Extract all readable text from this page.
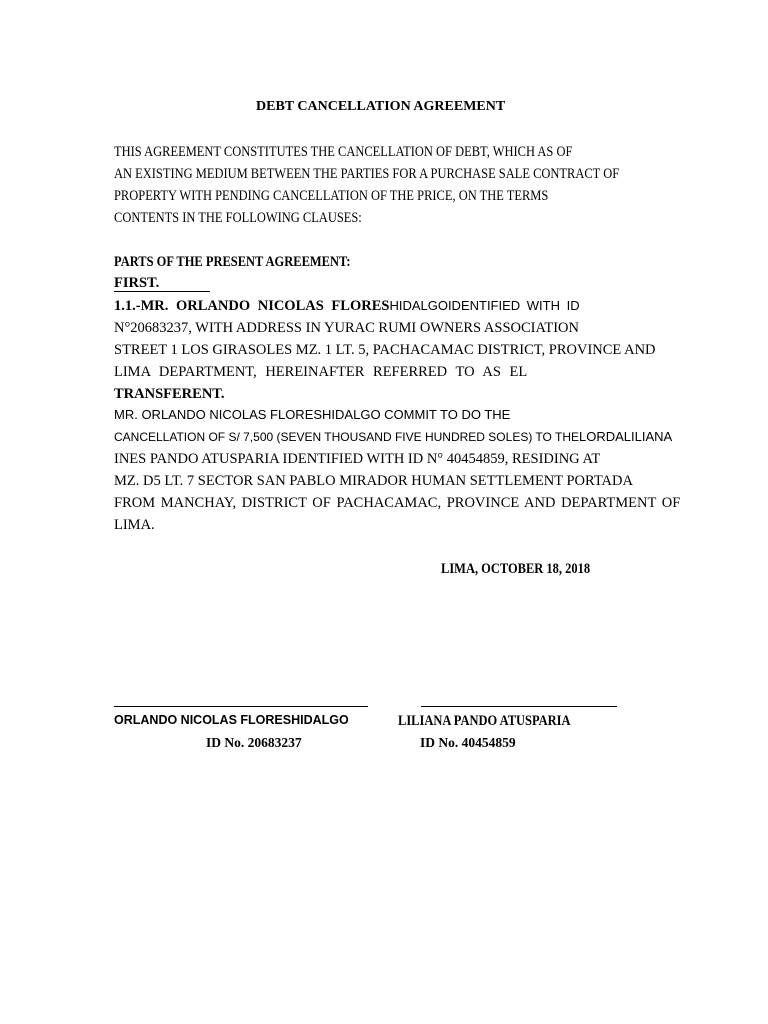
DEBT CANCELLATION AGREEMENT
THIS AGREEMENT CONSTITUTES THE CANCELLATION OF DEBT, WHICH AS OF
AN EXISTING MEDIUM BETWEEN THE PARTIES FOR A PURCHASE SALE CONTRACT OF
PROPERTY WITH PENDING CANCELLATION OF THE PRICE, ON THE TERMS
CONTENTS IN THE FOLLOWING CLAUSES:
PARTS OF THE PRESENT AGREEMENT:
FIRST.
1.1.-MR. ORLANDO NICOLAS FLORESHIDALGOIDENTIFIED WITH ID
N°20683237, WITH ADDRESS IN YURAC RUMI OWNERS ASSOCIATION
STREET 1 LOS GIRASOLES MZ. 1 LT. 5, PACHACAMAC DISTRICT, PROVINCE AND
LIMA DEPARTMENT, HEREINAFTER REFERRED TO AS EL
TRANSFERENT.
MR. ORLANDO NICOLAS FLORESHIDALGO COMMIT TO DO THE
CANCELLATION OF S/ 7,500 (SEVEN THOUSAND FIVE HUNDRED SOLES) TO THELORDALILIANA
INES PANDO ATUSPARIA IDENTIFIED WITH ID N° 40454859, RESIDING AT
MZ. D5 LT. 7 SECTOR SAN PABLO MIRADOR HUMAN SETTLEMENT PORTADA
FROM MANCHAY, DISTRICT OF PACHACAMAC, PROVINCE AND DEPARTMENT OF
LIMA.
LIMA, OCTOBER 18, 2018
ORLANDO NICOLAS FLORESHIDALGO	LILIANA PANDO ATUSPARIA
ID No. 20683237	ID No. 40454859
